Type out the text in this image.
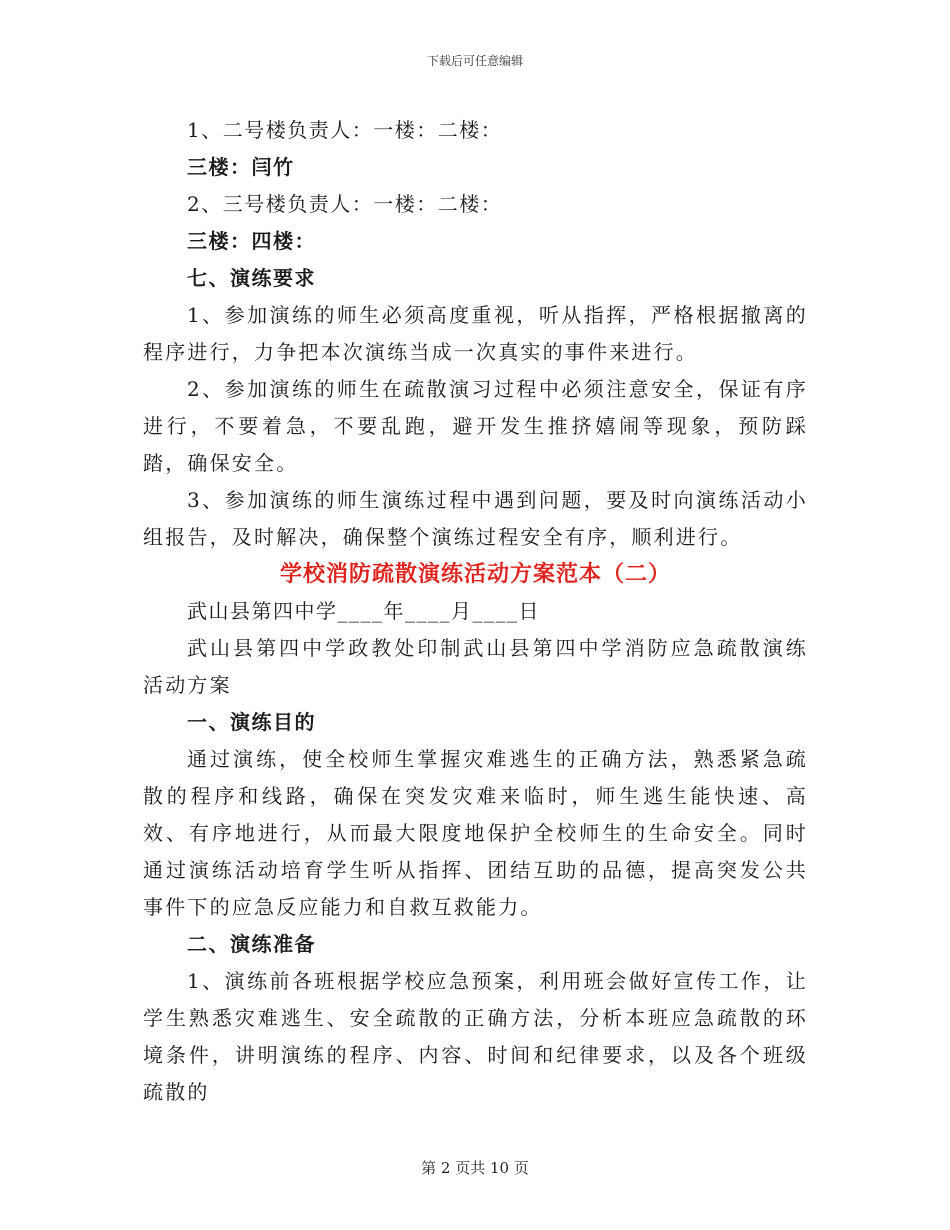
下载后可任意编辑
1、二号楼负责人：一楼：二楼：
三楼：闫竹
2、三号楼负责人：一楼：二楼：
三楼：四楼：
七、演练要求

1、参加演练的师生必须高度重视，听从指挥，严格根据撤离的程序进行，力争把本次演练当成一次真实的事件来进行。

2、参加演练的师生在疏散演习过程中必须注意安全，保证有序进行，不要着急，不要乱跑，避开发生推挤嬉闹等现象，预防踩踏，确保安全。

3、参加演练的师生演练过程中遇到问题，要及时向演练活动小组报告，及时解决，确保整个演练过程安全有序，顺利进行。

学校消防疏散演练活动方案范本（二）
武山县第四中学____年____月____日

武山县第四中学政教处印制武山县第四中学消防应急疏散演练活动方案

一、演练目的

通过演练，使全校师生掌握灾难逃生的正确方法，熟悉紧急疏散的程序和线路，确保在突发灾难来临时，师生逃生能快速、高效、有序地进行，从而最大限度地保护全校师生的生命安全。同时通过演练活动培育学生听从指挥、团结互助的品德，提高突发公共事件下的应急反应能力和自救互救能力。

二、演练准备

1、演练前各班根据学校应急预案，利用班会做好宣传工作，让学生熟悉灾难逃生、安全疏散的正确方法，分析本班应急疏散的环境条件，讲明演练的程序、内容、时间和纪律要求，以及各个班级疏散的

第 2 页共 10 页
